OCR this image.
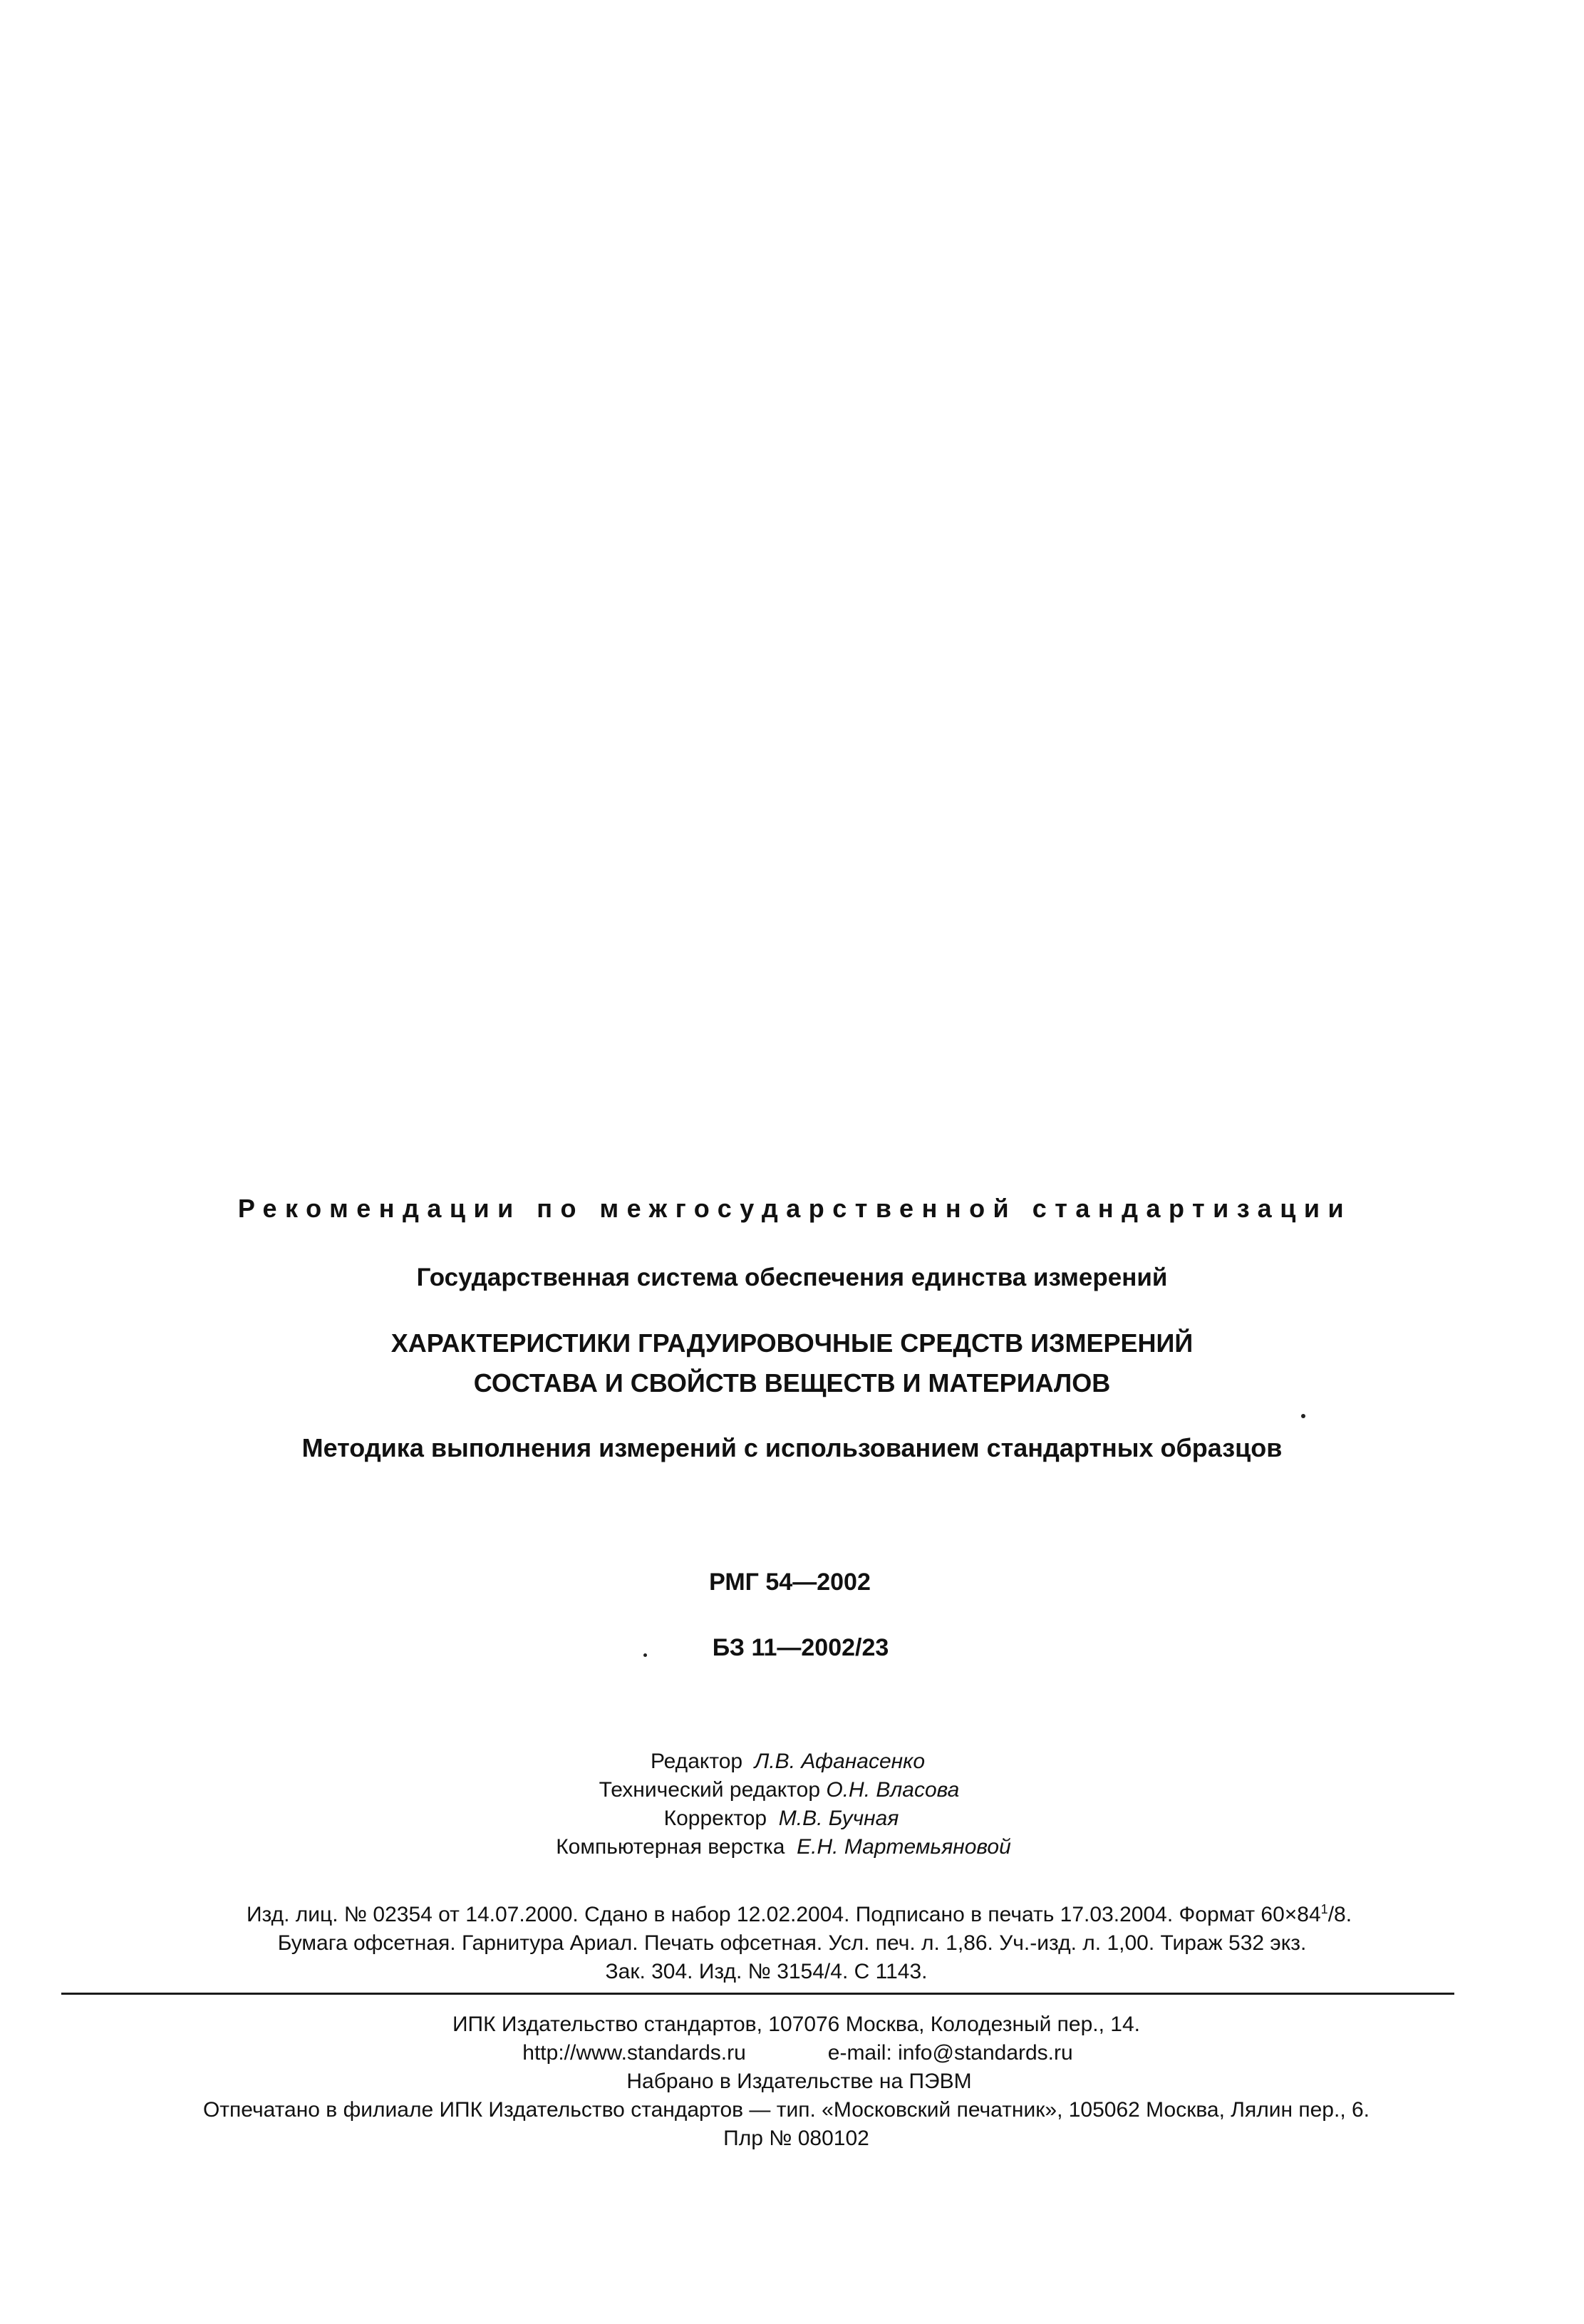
Рекомендации по межгосударственной стандартизации
Государственная система обеспечения единства измерений
ХАРАКТЕРИСТИКИ ГРАДУИРОВОЧНЫЕ СРЕДСТВ ИЗМЕРЕНИЙ
СОСТАВА И СВОЙСТВ ВЕЩЕСТВ И МАТЕРИАЛОВ
Методика выполнения измерений с использованием стандартных образцов
РМГ 54—2002
БЗ 11—2002/23
Редактор Л.В. Афанасенко
Технический редактор О.Н. Власова
Корректор М.В. Бучная
Компьютерная верстка Е.Н. Мартемьяновой
Изд. лиц. № 02354 от 14.07.2000. Сдано в набор 12.02.2004. Подписано в печать 17.03.2004. Формат $60\times 84^1/8$.
Бумага офсетная. Гарнитура Ариал. Печать офсетная. Усл. печ. л. 1,86. Уч.-изд. л. 1,00. Тираж 532 экз.
Зак. 304. Изд. № 3154/4. С 1143.
ИПК Издательство стандартов, 107076 Москва, Колодезный пер., 14.
http://www.standards.ru	e-mail: info@standards.ru
Набрано в Издательстве на ПЭВМ
Отпечатано в филиале ИПК Издательство стандартов — тип. «Московский печатник», 105062 Москва, Лялин пер., 6.
Плр № 080102
